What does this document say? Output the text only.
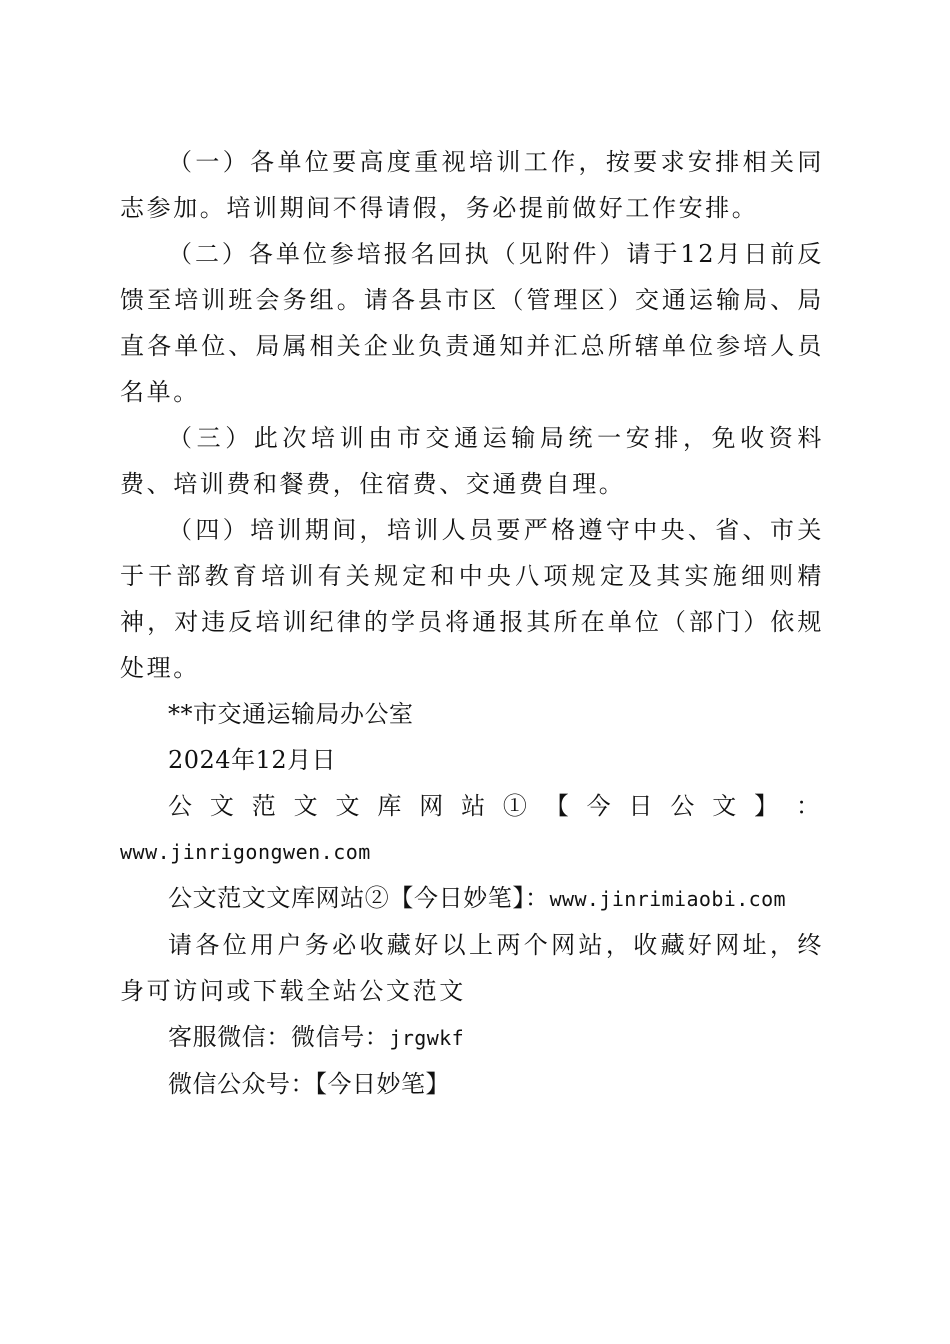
（一）各单位要高度重视培训工作，按要求安排相关同志参加。培训期间不得请假，务必提前做好工作安排。

（二）各单位参培报名回执（见附件）请于12月日前反馈至培训班会务组。请各县市区（管理区）交通运输局、局直各单位、局属相关企业负责通知并汇总所辖单位参培人员名单。

（三）此次培训由市交通运输局统一安排，免收资料费、培训费和餐费，住宿费、交通费自理。

（四）培训期间，培训人员要严格遵守中央、省、市关于干部教育培训有关规定和中央八项规定及其实施细则精神，对违反培训纪律的学员将通报其所在单位（部门）依规处理。

**市交通运输局办公室

2024年12月日

公 文 范 文 文 库 网 站 ① 【 今 日 公 文 】 ：

www.jinrigongwen.com

公文范文文库网站②【今日妙笔】：www.jinrimiaobi.com

请各位用户务必收藏好以上两个网站，收藏好网址，终身可访问或下载全站公文范文

客服微信：微信号：jrgwkf

微信公众号：【今日妙笔】
